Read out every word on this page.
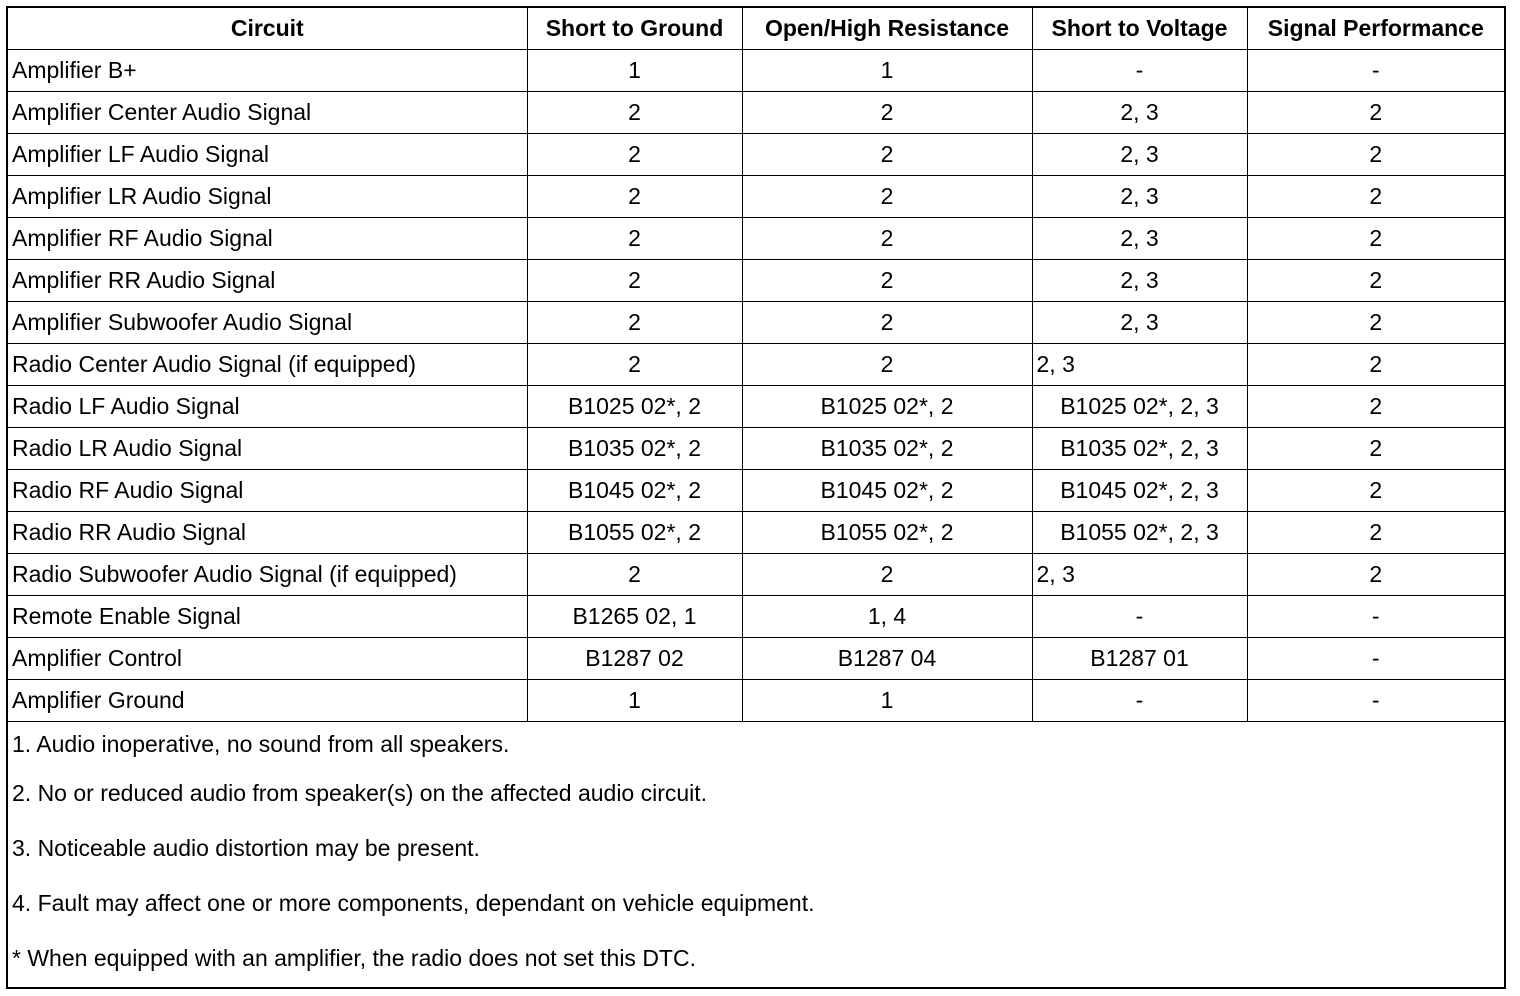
Circuit	Short to Ground	Open/High Resistance	Short to Voltage	Signal Performance
Amplifier B+	1	1	-	-
Amplifier Center Audio Signal	2	2	2, 3	2
Amplifier LF Audio Signal	2	2	2, 3	2
Amplifier LR Audio Signal	2	2	2, 3	2
Amplifier RF Audio Signal	2	2	2, 3	2
Amplifier RR Audio Signal	2	2	2, 3	2
Amplifier Subwoofer Audio Signal	2	2	2, 3	2
Radio Center Audio Signal (if equipped)	2	2	2, 3	2
Radio LF Audio Signal	B1025 02*, 2	B1025 02*, 2	B1025 02*, 2, 3	2
Radio LR Audio Signal	B1035 02*, 2	B1035 02*, 2	B1035 02*, 2, 3	2
Radio RF Audio Signal	B1045 02*, 2	B1045 02*, 2	B1045 02*, 2, 3	2
Radio RR Audio Signal	B1055 02*, 2	B1055 02*, 2	B1055 02*, 2, 3	2
Radio Subwoofer Audio Signal (if equipped)	2	2	2, 3	2
Remote Enable Signal	B1265 02, 1	1, 4	-	-
Amplifier Control	B1287 02	B1287 04	B1287 01	-
Amplifier Ground	1	1	-	-

1. Audio inoperative, no sound from all speakers.
2. No or reduced audio from speaker(s) on the affected audio circuit.
3. Noticeable audio distortion may be present.
4. Fault may affect one or more components, dependant on vehicle equipment.
* When equipped with an amplifier, the radio does not set this DTC.				
